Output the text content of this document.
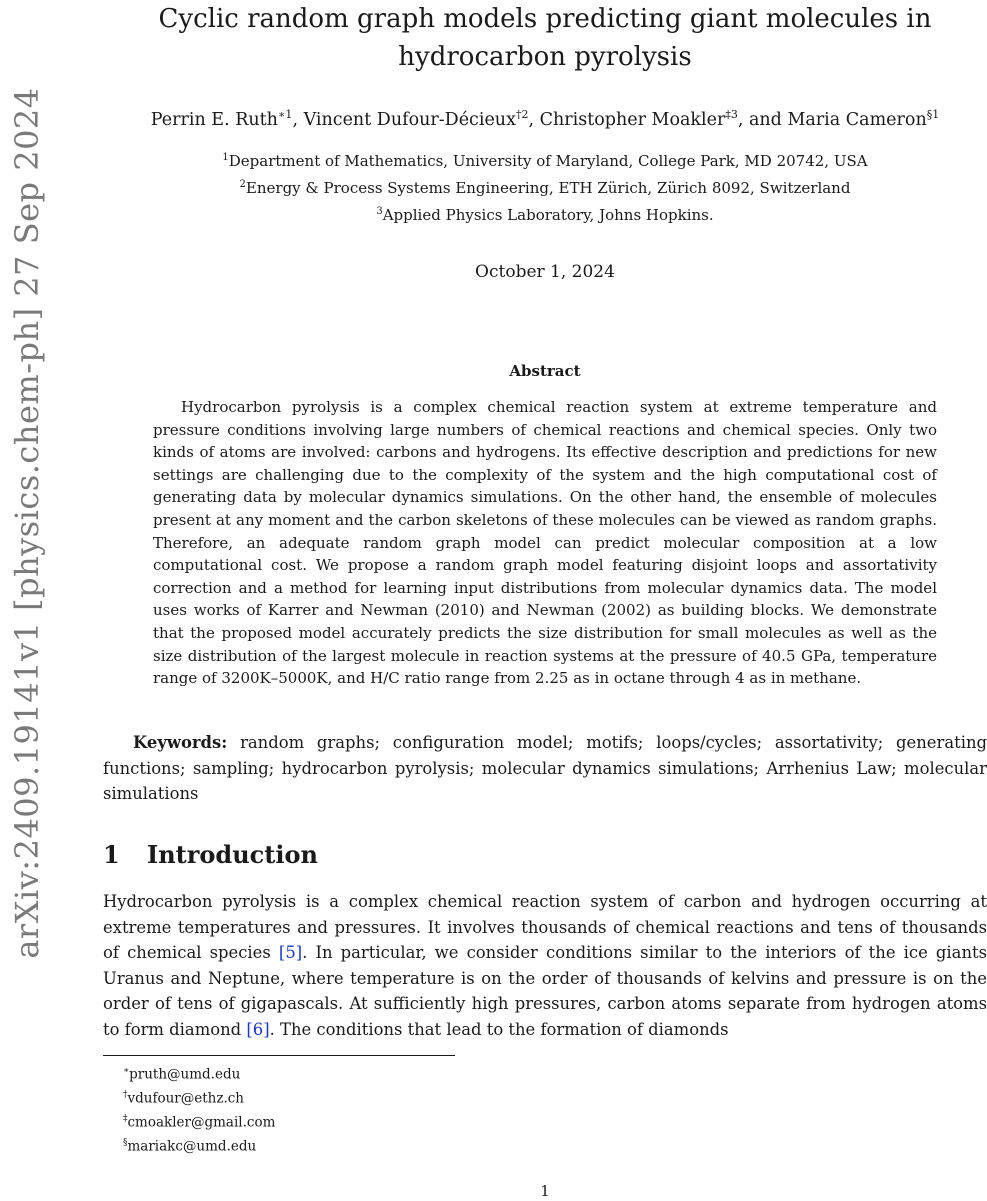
arXiv:2409.19141v1 [physics.chem-ph] 27 Sep 2024
Cyclic random graph models predicting giant molecules in
hydrocarbon pyrolysis
Perrin E. Ruth$^{∗1}$, Vincent Dufour-Décieux$^{\dagger 2}$, Christopher Moakler$^{\ddagger 3}$, and Maria Cameron$^{\S 1}$
$^1$Department of Mathematics, University of Maryland, College Park, MD 20742, USA
$^2$Energy & Process Systems Engineering, ETH Zürich, Zürich 8092, Switzerland
$^3$Applied Physics Laboratory, Johns Hopkins.
October 1, 2024
Abstract

Hydrocarbon pyrolysis is a complex chemical reaction system at extreme temperature and pressure conditions involving large numbers of chemical reactions and chemical species. Only two kinds of atoms are involved: carbons and hydrogens. Its effective description and predictions for new settings are challenging due to the complexity of the system and the high computational cost of generating data by molecular dynamics simulations. On the other hand, the ensemble of molecules present at any moment and the carbon skeletons of these molecules can be viewed as random graphs. Therefore, an adequate random graph model can predict molecular composition at a low computational cost. We propose a random graph model featuring disjoint loops and assortativity correction and a method for learning input distributions from molecular dynamics data. The model uses works of Karrer and Newman (2010) and Newman (2002) as building blocks. We demonstrate that the proposed model accurately predicts the size distribution for small molecules as well as the size distribution of the largest molecule in reaction systems at the pressure of 40.5 GPa, temperature range of 3200K–5000K, and H/C ratio range from 2.25 as in octane through 4 as in methane.

Keywords: random graphs; configuration model; motifs; loops/cycles; assortativity; generating functions; sampling; hydrocarbon pyrolysis; molecular dynamics simulations; Arrhenius Law; molecular simulations

1 Introduction

Hydrocarbon pyrolysis is a complex chemical reaction system of carbon and hydrogen occurring at extreme temperatures and pressures. It involves thousands of chemical reactions and tens of thousands of chemical species [5]. In particular, we consider conditions similar to the interiors of the ice giants Uranus and Neptune, where temperature is on the order of thousands of kelvins and pressure is on the order of tens of gigapascals. At sufficiently high pressures, carbon atoms separate from hydrogen atoms to form diamond [6]. The conditions that lead to the formation of diamonds

∗pruth@umd.edu
†vdufour@ethz.ch
‡cmoakler@gmail.com
§mariakc@umd.edu
1
